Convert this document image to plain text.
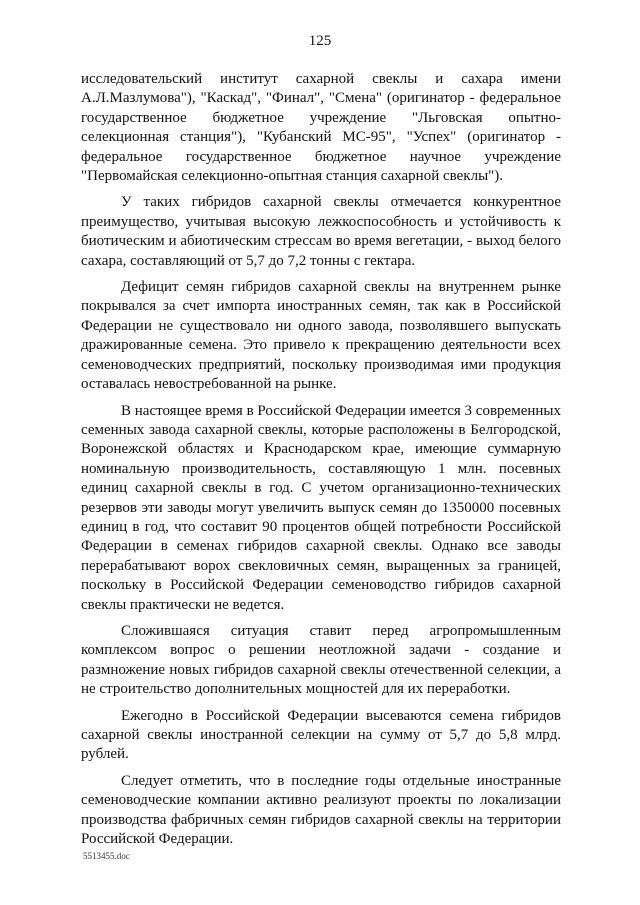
125

исследовательский институт сахарной свеклы и сахара имени А.Л.Мазлумова"), "Каскад", "Финал", "Смена" (оригинатор - федеральное государственное бюджетное учреждение "Льговская опытно-селекционная станция"), "Кубанский МС-95", "Успех" (оригинатор - федеральное государственное бюджетное научное учреждение "Первомайская селекционно-опытная станция сахарной свеклы").

У таких гибридов сахарной свеклы отмечается конкурентное преимущество, учитывая высокую лежкоспособность и устойчивость к биотическим и абиотическим стрессам во время вегетации, - выход белого сахара, составляющий от 5,7 до 7,2 тонны с гектара.

Дефицит семян гибридов сахарной свеклы на внутреннем рынке покрывался за счет импорта иностранных семян, так как в Российской Федерации не существовало ни одного завода, позволявшего выпускать дражированные семена. Это привело к прекращению деятельности всех семеноводческих предприятий, поскольку производимая ими продукция оставалась невостребованной на рынке.

В настоящее время в Российской Федерации имеется 3 современных семенных завода сахарной свеклы, которые расположены в Белгородской, Воронежской областях и Краснодарском крае, имеющие суммарную номинальную производительность, составляющую 1 млн. посевных единиц сахарной свеклы в год. С учетом организационно-технических резервов эти заводы могут увеличить выпуск семян до 1350000 посевных единиц в год, что составит 90 процентов общей потребности Российской Федерации в семенах гибридов сахарной свеклы. Однако все заводы перерабатывают ворох свекловичных семян, выращенных за границей, поскольку в Российской Федерации семеноводство гибридов сахарной свеклы практически не ведется.

Сложившаяся ситуация ставит перед агропромышленным комплексом вопрос о решении неотложной задачи - создание и размножение новых гибридов сахарной свеклы отечественной селекции, а не строительство дополнительных мощностей для их переработки.

Ежегодно в Российской Федерации высеваются семена гибридов сахарной свеклы иностранной селекции на сумму от 5,7 до 5,8 млрд. рублей.

Следует отметить, что в последние годы отдельные иностранные семеноводческие компании активно реализуют проекты по локализации производства фабричных семян гибридов сахарной свеклы на территории Российской Федерации.

5513455.doc
